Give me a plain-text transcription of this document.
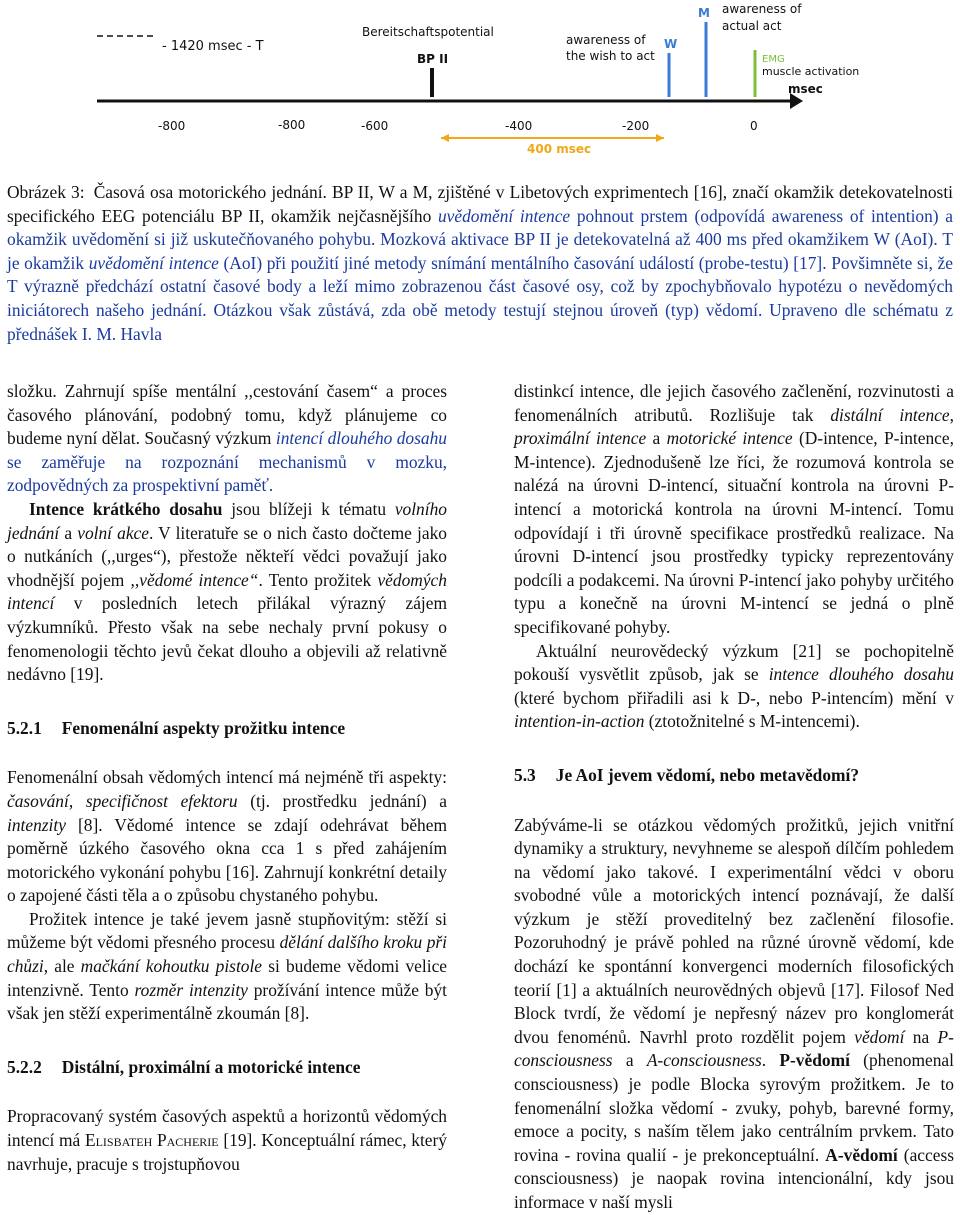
msec
- 1420 msec - T
Bereitschaftspotential
BP II
awareness of
the wish to act
W
M awareness of
actual act
EMG
muscle activation
-800	-800	-600	-400	-200	0
400 msec
Obrázek 3: Časová osa motorického jednání. BP II, W a M, zjištěné v Libetových exprimentech [16], značí okamžik detekovatelnosti specifického EEG potenciálu BP II, okamžik nejčasnějšího uvědomění intence pohnout prstem (odpovídá awareness of intention) a okamžik uvědomění si již uskutečňovaného pohybu. Mozková aktivace BP II je detekovatelná až 400 ms před okamžikem W (AoI). T je okamžik uvědomění intence (AoI) při použití jiné metody snímání mentálního časování událostí (probe-testu) [17]. Povšimněte si, že T výrazně předchází ostatní časové body a leží mimo zobrazenou část časové osy, což by zpochybňovalo hypotézu o nevědomých iniciátorech našeho jednání. Otázkou však zůstává, zda obě metody testují stejnou úroveň (typ) vědomí. Upraveno dle schématu z přednášek I. M. Havla

složku. Zahrnují spíše mentální ,,cestování časem“ a proces časového plánování, podobný tomu, když plánujeme co budeme nyní dělat. Současný výzkum intencí dlouhého dosahu se zaměřuje na rozpoznání mechanismů v mozku, zodpovědných za prospektivní paměť.

Intence krátkého dosahu jsou blížeji k tématu volního jednání a volní akce. V literatuře se o nich často dočteme jako o nutkáních (,,urges“), přestože někteří vědci považují jako vhodnější pojem ,,vědomé intence“. Tento prožitek vědomých intencí v posledních letech přilákal výrazný zájem výzkumníků. Přesto však na sebe nechaly první pokusy o fenomenologii těchto jevů čekat dlouho a objevili až relativně nedávno [19].

5.2.1 Fenomenální aspekty prožitku intence

Fenomenální obsah vědomých intencí má nejméně tři aspekty: časování, specifičnost efektoru (tj. prostředku jednání) a intenzity [8]. Vědomé intence se zdají odehrávat během poměrně úzkého časového okna cca 1 s před zahájením motorického vykonání pohybu [16]. Zahrnují konkrétní detaily o zapojené části těla a o způsobu chystaného pohybu.

Prožitek intence je také jevem jasně stupňovitým: stěží si můžeme být vědomi přesného procesu dělání dalšího kroku při chůzi, ale mačkání kohoutku pistole si budeme vědomi velice intenzivně. Tento rozměr intenzity prožívání intence může být však jen stěží experimentálně zkoumán [8].

5.2.2 Distální, proximální a motorické intence

Propracovaný systém časových aspektů a horizontů vědomých intencí má Elisbateh Pacherie [19]. Konceptuální rámec, který navrhuje, pracuje s trojstupňovou

distinkcí intence, dle jejich časového začlenění, rozvinutosti a fenomenálních atributů. Rozlišuje tak distální intence, proximální intence a motorické intence (D-intence, P-intence, M-intence). Zjednodušeně lze říci, že rozumová kontrola se nalézá na úrovni D-intencí, situační kontrola na úrovni P-intencí a motorická kontrola na úrovni M-intencí. Tomu odpovídají i tři úrovně specifikace prostředků realizace. Na úrovni D-intencí jsou prostředky typicky reprezentovány podcíli a podakcemi. Na úrovni P-intencí jako pohyby určitého typu a konečně na úrovni M-intencí se jedná o plně specifikované pohyby.

Aktuální neurovědecký výzkum [21] se pochopitelně pokouší vysvětlit způsob, jak se intence dlouhého dosahu (které bychom přiřadili asi k D-, nebo P-intencím) mění v intention-in-action (ztotožnitelné s M-intencemi).

5.3 Je AoI jevem vědomí, nebo metavědomí?

Zabýváme-li se otázkou vědomých prožitků, jejich vnitřní dynamiky a struktury, nevyhneme se alespoň dílčím pohledem na vědomí jako takové. I experimentální vědci v oboru svobodné vůle a motorických intencí poznávají, že další výzkum je stěží proveditelný bez začlenění filosofie. Pozoruhodný je právě pohled na různé úrovně vědomí, kde dochází ke spontánní konvergenci moderních filosofických teorií [1] a aktuálních neurovědných objevů [17]. Filosof Ned Block tvrdí, že vědomí je nepřesný název pro konglomerát dvou fenoménů. Navrhl proto rozdělit pojem vědomí na P-consciousness a A-consciousness. P-vědomí (phenomenal consciousness) je podle Blocka syrovým prožitkem. Je to fenomenální složka vědomí - zvuky, pohyb, barevné formy, emoce a pocity, s naším tělem jako centrálním prvkem. Tato rovina - rovina qualií - je prekonceptuální. A-vědomí (access consciousness) je naopak rovina intencionální, kdy jsou informace v naší mysli
